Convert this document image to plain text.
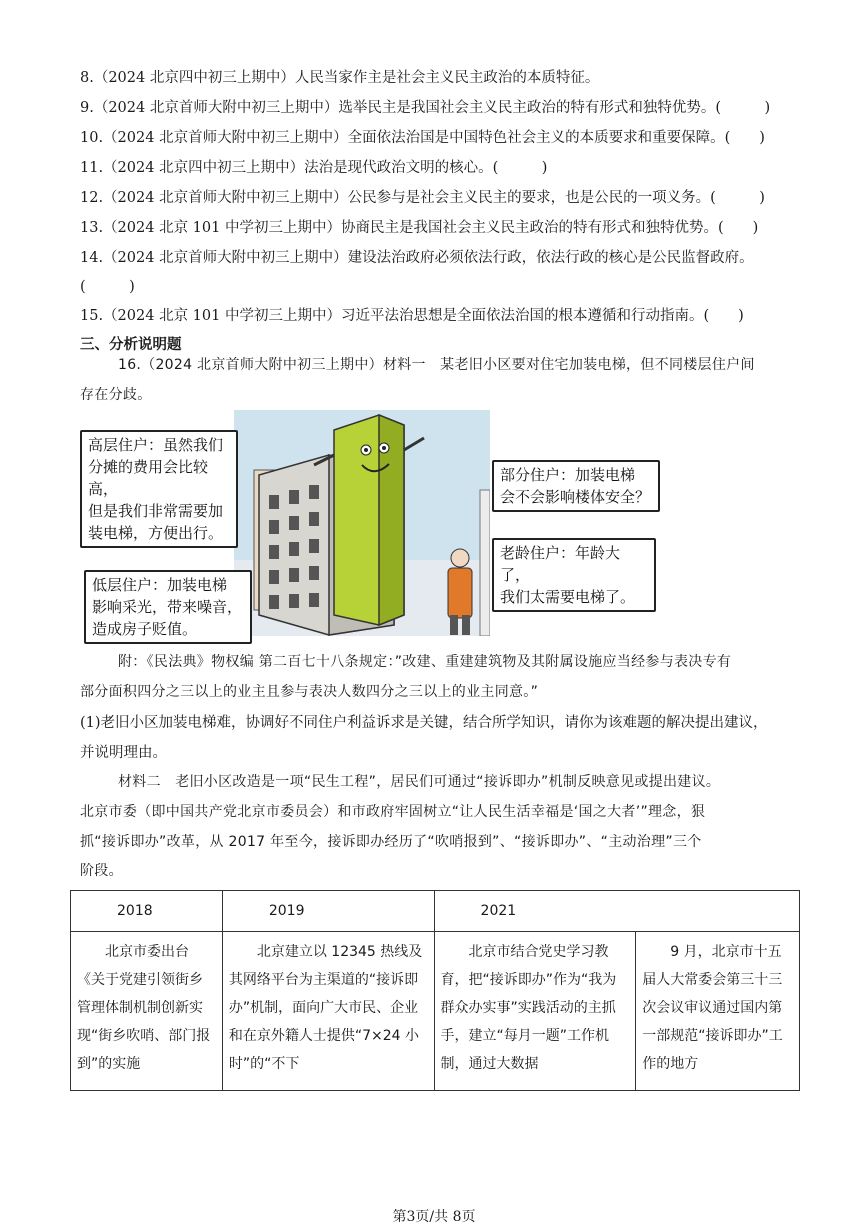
8.（2024 北京四中初三上期中）人民当家作主是社会主义民主政治的本质特征。
9.（2024 北京首师大附中初三上期中）选举民主是我国社会主义民主政治的特有形式和独特优势。(　　　)
10.（2024 北京首师大附中初三上期中）全面依法治国是中国特色社会主义的本质要求和重要保障。(　　)
11.（2024 北京四中初三上期中）法治是现代政治文明的核心。(　　　)
12.（2024 北京首师大附中初三上期中）公民参与是社会主义民主的要求，也是公民的一项义务。(　　　)
13.（2024 北京 101 中学初三上期中）协商民主是我国社会主义民主政治的特有形式和独特优势。(　　)
14.（2024 北京首师大附中初三上期中）建设法治政府必须依法行政，依法行政的核心是公民监督政府。
(　　　)
15.（2024 北京 101 中学初三上期中）习近平法治思想是全面依法治国的根本遵循和行动指南。(　　)
三、分析说明题
16.（2024 北京首师大附中初三上期中）材料一　某老旧小区要对住宅加装电梯，但不同楼层住户间
存在分歧。
高层住户：虽然我们
分摊的费用会比较高，
但是我们非常需要加
装电梯，方便出行。
部分住户：加装电梯
会不会影响楼体安全？
老龄住户：年龄大了，
我们太需要电梯了。
低层住户：加装电梯
影响采光，带来噪音，
造成房子贬值。
附：《民法典》物权编 第二百七十八条规定：”改建、重建建筑物及其附属设施应当经参与表决专有
部分面积四分之三以上的业主且参与表决人数四分之三以上的业主同意。”
(1)老旧小区加装电梯难，协调好不同住户利益诉求是关键，结合所学知识，请你为该难题的解决提出建议，
并说明理由。
材料二　老旧小区改造是一项“民生工程”，居民们可通过“接诉即办”机制反映意见或提出建议。
北京市委（即中国共产党北京市委员会）和市政府牢固树立“让人民生活幸福是‘国之大者’”理念，狠
抓“接诉即办”改革，从 2017 年至今，接诉即办经历了“吹哨报到”、“接诉即办”、“主动治理”三个
阶段。
2018	2019	2021	

　　北京市委出台《关于党建引领街乡管理体制机制创新实现“街乡吹哨、部门报到”的实施	　　北京建立以 12345 热线及其网络平台为主渠道的“接诉即办”机制，面向广大市民、企业和在京外籍人士提供“7×24 小时”的“不下	　　北京市结合党史学习教育，把“接诉即办”作为“我为群众办实事”实践活动的主抓手，建立“每月一题”工作机制，通过大数据	　　9 月，北京市十五届人大常委会第三十三次会议审议通过国内第一部规范“接诉即办”工作的地方
第3页/共 8页
